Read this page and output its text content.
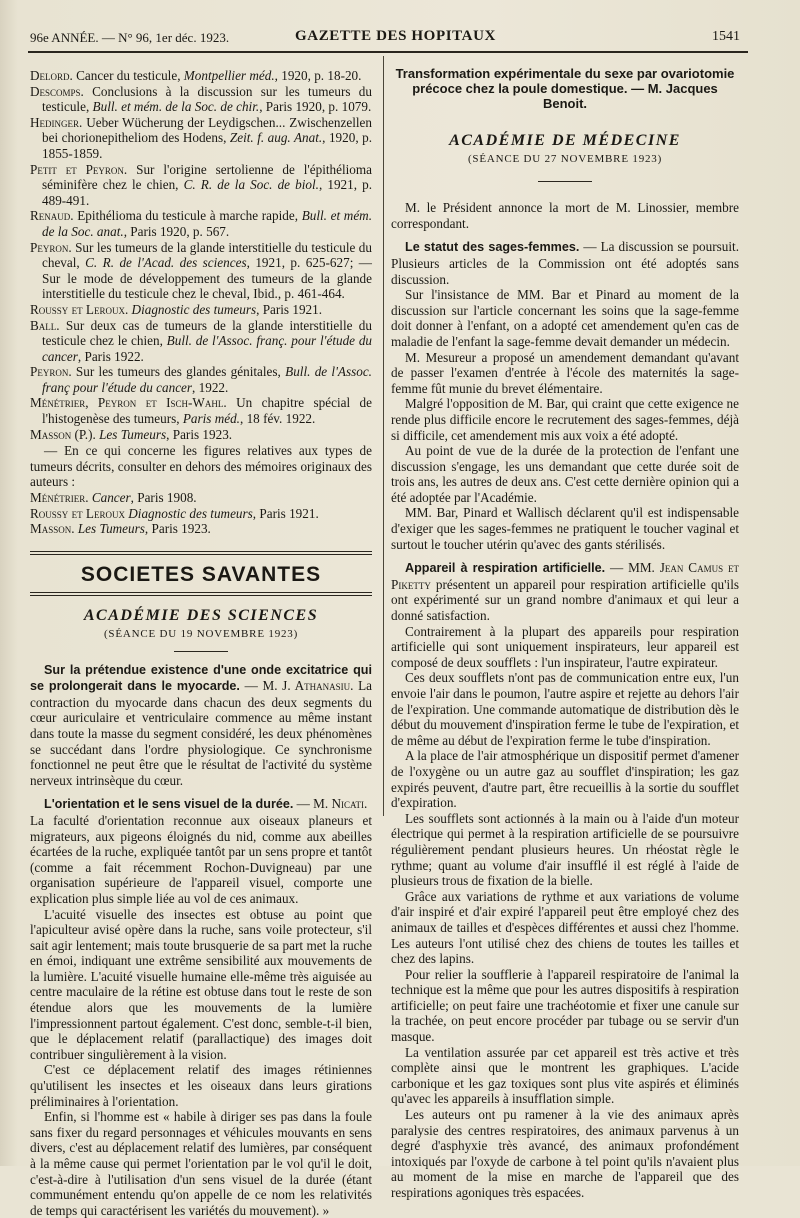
96e ANNÉE. — N° 96, 1er déc. 1923.	GAZETTE DES HOPITAUX	1541

Delord. Cancer du testicule, Montpellier méd., 1920, p. 18-20.

Descomps. Conclusions à la discussion sur les tumeurs du testicule, Bull. et mém. de la Soc. de chir., Paris 1920, p. 1079.

Hedinger. Ueber Wücherung der Leydigschen... Zwischenzellen bei chorionepitheliom des Hodens, Zeit. f. aug. Anat., 1920, p. 1855-1859.

Petit et Peyron. Sur l'origine sertolienne de l'épithélioma séminifère chez le chien, C. R. de la Soc. de biol., 1921, p. 489-491.

Renaud. Epithélioma du testicule à marche rapide, Bull. et mém. de la Soc. anat., Paris 1920, p. 567.

Peyron. Sur les tumeurs de la glande interstitielle du testicule du cheval, C. R. de l'Acad. des sciences, 1921, p. 625-627; — Sur le mode de développement des tumeurs de la glande interstitielle du testicule chez le cheval, Ibid., p. 461-464.

Roussy et Leroux. Diagnostic des tumeurs, Paris 1921.

Ball. Sur deux cas de tumeurs de la glande interstitielle du testicule chez le chien, Bull. de l'Assoc. franç. pour l'étude du cancer, Paris 1922.

Peyron. Sur les tumeurs des glandes génitales, Bull. de l'Assoc. franç pour l'étude du cancer, 1922.

Ménétrier, Peyron et Isch-Wahl. Un chapitre spécial de l'histogenèse des tumeurs, Paris méd., 18 fév. 1922.

Masson (P.). Les Tumeurs, Paris 1923.

— En ce qui concerne les figures relatives aux types de tumeurs décrits, consulter en dehors des mémoires originaux des auteurs :

Ménétrier. Cancer, Paris 1908.

Roussy et Leroux Diagnostic des tumeurs, Paris 1921.

Masson. Les Tumeurs, Paris 1923.

SOCIETES SAVANTES

ACADÉMIE DES SCIENCES

(SÉANCE DU 19 NOVEMBRE 1923)

Sur la prétendue existence d'une onde excitatrice qui se prolongerait dans le myocarde. — M. J. Athanasiu. La contraction du myocarde dans chacun des deux segments du cœur auriculaire et ventriculaire commence au même instant dans toute la masse du segment considéré, les deux phénomènes se succédant dans l'ordre physiologique. Ce synchronisme fonctionnel ne peut être que le résultat de l'activité du système nerveux intrinsèque du cœur.

L'orientation et le sens visuel de la durée. — M. Nicati.

La faculté d'orientation reconnue aux oiseaux planeurs et migrateurs, aux pigeons éloignés du nid, comme aux abeilles écartées de la ruche, expliquée tantôt par un sens propre et tantôt (comme a fait récemment Rochon-Duvigneau) par une organisation supérieure de l'appareil visuel, comporte une explication plus simple liée au vol de ces animaux.

L'acuité visuelle des insectes est obtuse au point que l'apiculteur avisé opère dans la ruche, sans voile protecteur, s'il sait agir lentement; mais toute brusquerie de sa part met la ruche en émoi, indiquant une extrême sensibilité aux mouvements de la lumière. L'acuité visuelle humaine elle-même très aiguisée au centre maculaire de la rétine est obtuse dans tout le reste de son étendue alors que les mouvements de la lumière l'impressionnent partout également. C'est donc, semble-t-il bien, que le déplacement relatif (parallactique) des images doit contribuer singulièrement à la vision.

C'est ce déplacement relatif des images rétiniennes qu'utilisent les insectes et les oiseaux dans leurs girations préliminaires à l'orientation.

Enfin, si l'homme est « habile à diriger ses pas dans la foule sans fixer du regard personnages et véhicules mouvants en sens divers, c'est au déplacement relatif des lumières, par conséquent à la même cause qui permet l'orientation par le vol qu'il le doit, c'est-à-dire à l'utilisation d'un sens visuel de la durée (étant communément entendu qu'on appelle de ce nom les relativités de temps qui caractérisent les variétés du mouvement). »

Transformation expérimentale du sexe par ovariotomie précoce chez la poule domestique. — M. Jacques Benoit.

ACADÉMIE DE MÉDECINE

(SÉANCE DU 27 NOVEMBRE 1923)

M. le Président annonce la mort de M. Linossier, membre correspondant.

Le statut des sages-femmes. — La discussion se poursuit. Plusieurs articles de la Commission ont été adoptés sans discussion.

Sur l'insistance de MM. Bar et Pinard au moment de la discussion sur l'article concernant les soins que la sage-femme doit donner à l'enfant, on a adopté cet amendement qu'en cas de maladie de l'enfant la sage-femme devait demander un médecin.

M. Mesureur a proposé un amendement demandant qu'avant de passer l'examen d'entrée à l'école des maternités la sage-femme fût munie du brevet élémentaire.

Malgré l'opposition de M. Bar, qui craint que cette exigence ne rende plus difficile encore le recrutement des sages-femmes, déjà si difficile, cet amendement mis aux voix a été adopté.

Au point de vue de la durée de la protection de l'enfant une discussion s'engage, les uns demandant que cette durée soit de trois ans, les autres de deux ans. C'est cette dernière opinion qui a été adoptée par l'Académie.

MM. Bar, Pinard et Wallisch déclarent qu'il est indispensable d'exiger que les sages-femmes ne pratiquent le toucher vaginal et surtout le toucher utérin qu'avec des gants stérilisés.

Appareil à respiration artificielle. — MM. Jean Camus et Piketty présentent un appareil pour respiration artificielle qu'ils ont expérimenté sur un grand nombre d'animaux et qui leur a donné satisfaction.

Contrairement à la plupart des appareils pour respiration artificielle qui sont uniquement inspirateurs, leur appareil est composé de deux soufflets : l'un inspirateur, l'autre expirateur.

Ces deux soufflets n'ont pas de communication entre eux, l'un envoie l'air dans le poumon, l'autre aspire et rejette au dehors l'air de l'expiration. Une commande automatique de distribution dès le début du mouvement d'inspiration ferme le tube de l'expiration, et de même au début de l'expiration ferme le tube d'inspiration.

A la place de l'air atmosphérique un dispositif permet d'amener de l'oxygène ou un autre gaz au soufflet d'inspiration; les gaz expirés peuvent, d'autre part, être recueillis à la sortie du soufflet d'expiration.

Les soufflets sont actionnés à la main ou à l'aide d'un moteur électrique qui permet à la respiration artificielle de se poursuivre régulièrement pendant plusieurs heures. Un rhéostat règle le rythme; quant au volume d'air insufflé il est réglé à l'aide de plusieurs trous de fixation de la bielle.

Grâce aux variations de rythme et aux variations de volume d'air inspiré et d'air expiré l'appareil peut être employé chez des animaux de tailles et d'espèces différentes et aussi chez l'homme. Les auteurs l'ont utilisé chez des chiens de toutes les tailles et chez des lapins.

Pour relier la soufflerie à l'appareil respiratoire de l'animal la technique est la même que pour les autres dispositifs à respiration artificielle; on peut faire une trachéotomie et fixer une canule sur la trachée, on peut encore procéder par tubage ou se servir d'un masque.

La ventilation assurée par cet appareil est très active et très complète ainsi que le montrent les graphiques. L'acide carbonique et les gaz toxiques sont plus vite aspirés et éliminés qu'avec les appareils à insufflation simple.

Les auteurs ont pu ramener à la vie des animaux après paralysie des centres respiratoires, des animaux parvenus à un degré d'asphyxie très avancé, des animaux profondément intoxiqués par l'oxyde de carbone à tel point qu'ils n'avaient plus au moment de la mise en marche de l'appareil que des respirations agoniques très espacées.
